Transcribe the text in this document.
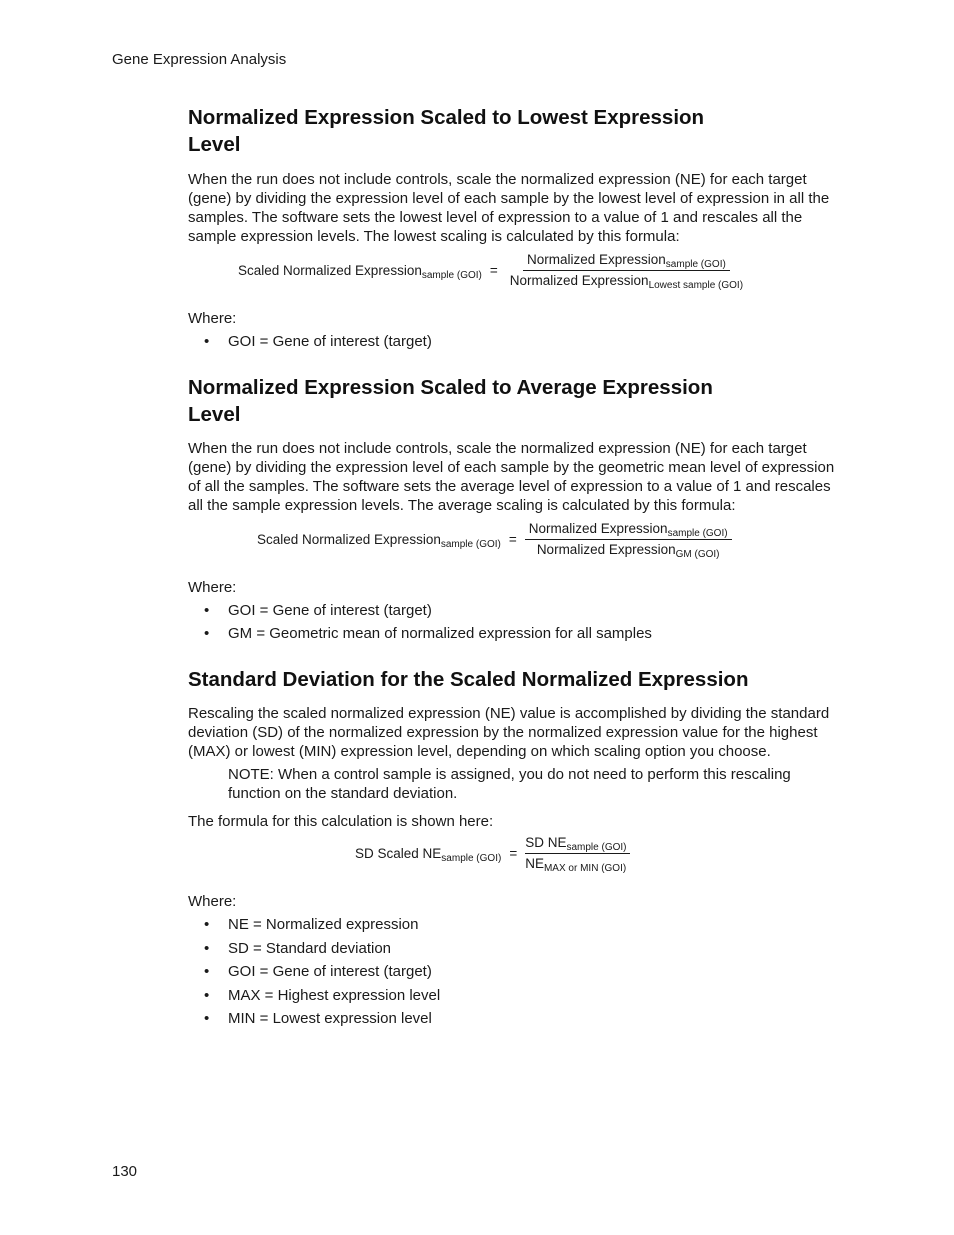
Gene Expression Analysis
Normalized Expression Scaled to Lowest Expression
Level

When the run does not include controls, scale the normalized expression (NE) for each target (gene) by dividing the expression level of each sample by the lowest level of expression in all the samples. The software sets the lowest level of expression to a value of 1 and rescales all the sample expression levels. The lowest scaling is calculated by this formula:

Scaled Normalized Expression$_{sample (GOI)}$ = $\frac{Normalized Expression_{sample (GOI)}}{Normalized Expression_{Lowest sample (GOI)}}$

Where:

• GOI = Gene of interest (target)
Normalized Expression Scaled to Average Expression
Level

When the run does not include controls, scale the normalized expression (NE) for each target (gene) by dividing the expression level of each sample by the geometric mean level of expression of all the samples. The software sets the average level of expression to a value of 1 and rescales all the sample expression levels. The average scaling is calculated by this formula:

Scaled Normalized Expression$_{sample (GOI)}$ = $\frac{Normalized Expression_{sample (GOI)}}{Normalized Expression_{GM (GOI)}}$

Where:

• GOI = Gene of interest (target)
• GM = Geometric mean of normalized expression for all samples
Standard Deviation for the Scaled Normalized Expression

Rescaling the scaled normalized expression (NE) value is accomplished by dividing the standard deviation (SD) of the normalized expression by the normalized expression value for the highest (MAX) or lowest (MIN) expression level, depending on which scaling option you choose.

NOTE: When a control sample is assigned, you do not need to perform this rescaling function on the standard deviation.

The formula for this calculation is shown here:

SD Scaled $NE_{sample (GOI)} = \frac{SD NE_{sample (GOI)}}{NE_{MAX or MIN (GOI)}}$

Where:

• NE = Normalized expression
• SD = Standard deviation
• GOI = Gene of interest (target)
• MAX = Highest expression level
• MIN = Lowest expression level
130
